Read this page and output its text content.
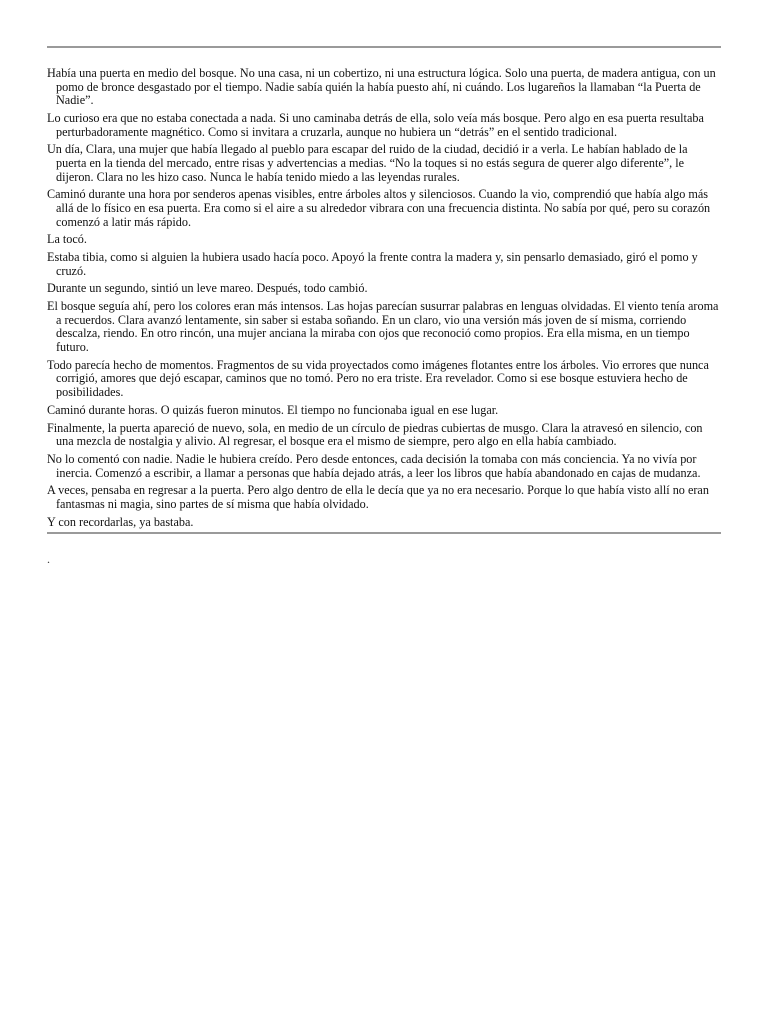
Había una puerta en medio del bosque. No una casa, ni un cobertizo, ni una estructura lógica. Solo una puerta, de madera antigua, con un pomo de bronce desgastado por el tiempo. Nadie sabía quién la había puesto ahí, ni cuándo. Los lugareños la llamaban “la Puerta de Nadie”.

Lo curioso era que no estaba conectada a nada. Si uno caminaba detrás de ella, solo veía más bosque. Pero algo en esa puerta resultaba perturbadoramente magnético. Como si invitara a cruzarla, aunque no hubiera un “detrás” en el sentido tradicional.

Un día, Clara, una mujer que había llegado al pueblo para escapar del ruido de la ciudad, decidió ir a verla. Le habían hablado de la puerta en la tienda del mercado, entre risas y advertencias a medias. “No la toques si no estás segura de querer algo diferente”, le dijeron. Clara no les hizo caso. Nunca le había tenido miedo a las leyendas rurales.

Caminó durante una hora por senderos apenas visibles, entre árboles altos y silenciosos. Cuando la vio, comprendió que había algo más allá de lo físico en esa puerta. Era como si el aire a su alrededor vibrara con una frecuencia distinta. No sabía por qué, pero su corazón comenzó a latir más rápido.

La tocó.

Estaba tibia, como si alguien la hubiera usado hacía poco. Apoyó la frente contra la madera y, sin pensarlo demasiado, giró el pomo y cruzó.

Durante un segundo, sintió un leve mareo. Después, todo cambió.

El bosque seguía ahí, pero los colores eran más intensos. Las hojas parecían susurrar palabras en lenguas olvidadas. El viento tenía aroma a recuerdos. Clara avanzó lentamente, sin saber si estaba soñando. En un claro, vio una versión más joven de sí misma, corriendo descalza, riendo. En otro rincón, una mujer anciana la miraba con ojos que reconoció como propios. Era ella misma, en un tiempo futuro.

Todo parecía hecho de momentos. Fragmentos de su vida proyectados como imágenes flotantes entre los árboles. Vio errores que nunca corrigió, amores que dejó escapar, caminos que no tomó. Pero no era triste. Era revelador. Como si ese bosque estuviera hecho de posibilidades.

Caminó durante horas. O quizás fueron minutos. El tiempo no funcionaba igual en ese lugar.

Finalmente, la puerta apareció de nuevo, sola, en medio de un círculo de piedras cubiertas de musgo. Clara la atravesó en silencio, con una mezcla de nostalgia y alivio. Al regresar, el bosque era el mismo de siempre, pero algo en ella había cambiado.

No lo comentó con nadie. Nadie le hubiera creído. Pero desde entonces, cada decisión la tomaba con más conciencia. Ya no vivía por inercia. Comenzó a escribir, a llamar a personas que había dejado atrás, a leer los libros que había abandonado en cajas de mudanza.

A veces, pensaba en regresar a la puerta. Pero algo dentro de ella le decía que ya no era necesario. Porque lo que había visto allí no eran fantasmas ni magia, sino partes de sí misma que había olvidado.

Y con recordarlas, ya bastaba.

.
